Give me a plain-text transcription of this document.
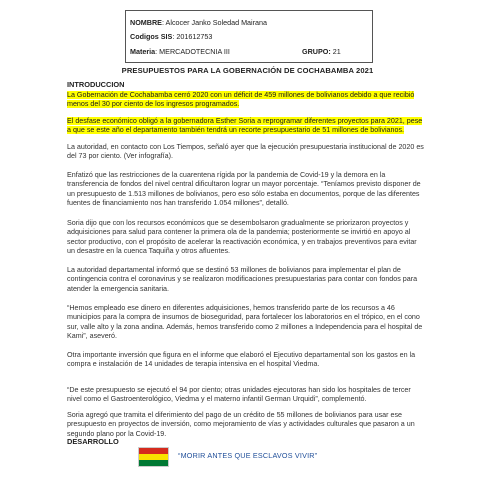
NOMBRE: Alcocer Janko Soledad Mairana
Codigos SIS: 201612753
Materia: MERCADOTECNIA III	GRUPO: 21
PRESUPUESTOS PARA LA GOBERNACIÓN DE COCHABAMBA 2021
INTRODUCCION

La Gobernación de Cochabamba cerró 2020 con un déficit de 459 millones de bolivianos debido a que recibió menos del 30 por ciento de los ingresos programados.

El desfase económico obligó a la gobernadora Esther Soria a reprogramar diferentes proyectos para 2021, pese a que se este año el departamento también tendrá un recorte presupuestario de 51 millones de bolivianos.

La autoridad, en contacto con Los Tiempos, señaló ayer que la ejecución presupuestaria institucional de 2020 es del 73 por ciento. (Ver infografía).

Enfatizó que las restricciones de la cuarentena rígida por la pandemia de Covid-19 y la demora en la transferencia de fondos del nivel central dificultaron lograr un mayor porcentaje. “Teníamos previsto disponer de un presupuesto de 1.513 millones de bolivianos, pero eso sólo estaba en documentos, porque de las diferentes fuentes de financiamiento nos han transferido 1.054 millones”, detalló.

Soria dijo que con los recursos económicos que se desembolsaron gradualmente se priorizaron proyectos y adquisiciones para salud para contener la primera ola de la pandemia; posteriormente se invirtió en apoyo al sector productivo, con el propósito de acelerar la reactivación económica, y en trabajos preventivos para evitar un desastre en la cuenca Taquiña y otros afluentes.

La autoridad departamental informó que se destinó 53 millones de bolivianos para implementar el plan de contingencia contra el coronavirus y se realizaron modificaciones presupuestarias para contar con fondos para atender la emergencia sanitaria.

“Hemos empleado ese dinero en diferentes adquisiciones, hemos transferido parte de los recursos a 46 municipios para la compra de insumos de bioseguridad, para fortalecer los laboratorios en el trópico, en el cono sur, valle alto y la zona andina. Además, hemos transferido como 2 millones a Independencia para el hospital de Kami”, aseveró.

Otra importante inversión que figura en el informe que elaboró el Ejecutivo departamental son los gastos en la compra e instalación de 14 unidades de terapia intensiva en el hospital Viedma.

“De este presupuesto se ejecutó el 94 por ciento; otras unidades ejecutoras han sido los hospitales de tercer nivel como el Gastroenterológico, Viedma y el materno infantil German Urquidi”, complementó.

Soria agregó que tramita el diferimiento del pago de un crédito de 55 millones de bolivianos para usar ese presupuesto en proyectos de inversión, como mejoramiento de vías y actividades culturales que pasaron a un segundo plano por la Covid-19.

DESARROLLO
“MORIR ANTES QUE ESCLAVOS VIVIR”
